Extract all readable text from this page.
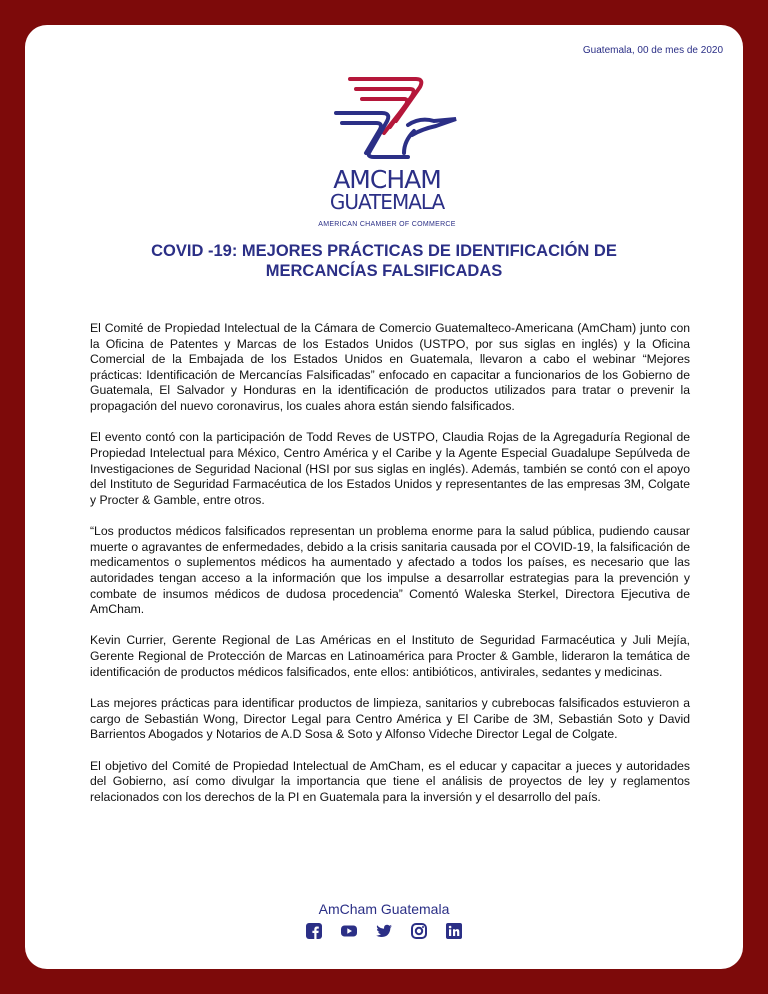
Guatemala, 00 de mes de 2020
AMCHAM
GUATEMALA
AMERICAN CHAMBER OF COMMERCE
COVID -19: MEJORES PRÁCTICAS DE IDENTIFICACIÓN DE MERCANCÍAS FALSIFICADAS

El Comité de Propiedad Intelectual de la Cámara de Comercio Guatemalteco-Americana (AmCham) junto con la Oficina de Patentes y Marcas de los Estados Unidos (USTPO, por sus siglas en inglés) y la Oficina Comercial de la Embajada de los Estados Unidos en Guatemala, llevaron a cabo el webinar “Mejores prácticas: Identificación de Mercancías Falsificadas” enfocado en capacitar a funcionarios de los Gobierno de Guatemala, El Salvador y Honduras en la identificación de productos utilizados para tratar o prevenir la propagación del nuevo coronavirus, los cuales ahora están siendo falsificados.

El evento contó con la participación de Todd Reves de USTPO, Claudia Rojas de la Agregaduría Regional de Propiedad Intelectual para México, Centro América y el Caribe y la Agente Especial Guadalupe Sepúlveda de Investigaciones de Seguridad Nacional (HSI por sus siglas en inglés). Además, también se contó con el apoyo del Instituto de Seguridad Farmacéutica de los Estados Unidos y representantes de las empresas 3M, Colgate y Procter & Gamble, entre otros.

“Los productos médicos falsificados representan un problema enorme para la salud pública, pudiendo causar muerte o agravantes de enfermedades, debido a la crisis sanitaria causada por el COVID-19, la falsificación de medicamentos o suplementos médicos ha aumentado y afectado a todos los países, es necesario que las autoridades tengan acceso a la información que los impulse a desarrollar estrategias para la prevención y combate de insumos médicos de dudosa procedencia” Comentó Waleska Sterkel, Directora Ejecutiva de AmCham.

Kevin Currier, Gerente Regional de Las Américas en el Instituto de Seguridad Farmacéutica y Juli Mejía, Gerente Regional de Protección de Marcas en Latinoamérica para Procter & Gamble, lideraron la temática de identificación de productos médicos falsificados, ente ellos: antibióticos, antivirales, sedantes y medicinas.

Las mejores prácticas para identificar productos de limpieza, sanitarios y cubrebocas falsificados estuvieron a cargo de Sebastián Wong, Director Legal para Centro América y El Caribe de 3M, Sebastián Soto y David Barrientos Abogados y Notarios de A.D Sosa & Soto y Alfonso Videche Director Legal de Colgate.

El objetivo del Comité de Propiedad Intelectual de AmCham, es el educar y capacitar a jueces y autoridades del Gobierno, así como divulgar la importancia que tiene el análisis de proyectos de ley y reglamentos relacionados con los derechos de la PI en Guatemala para la inversión y el desarrollo del país.

AmCham Guatemala
